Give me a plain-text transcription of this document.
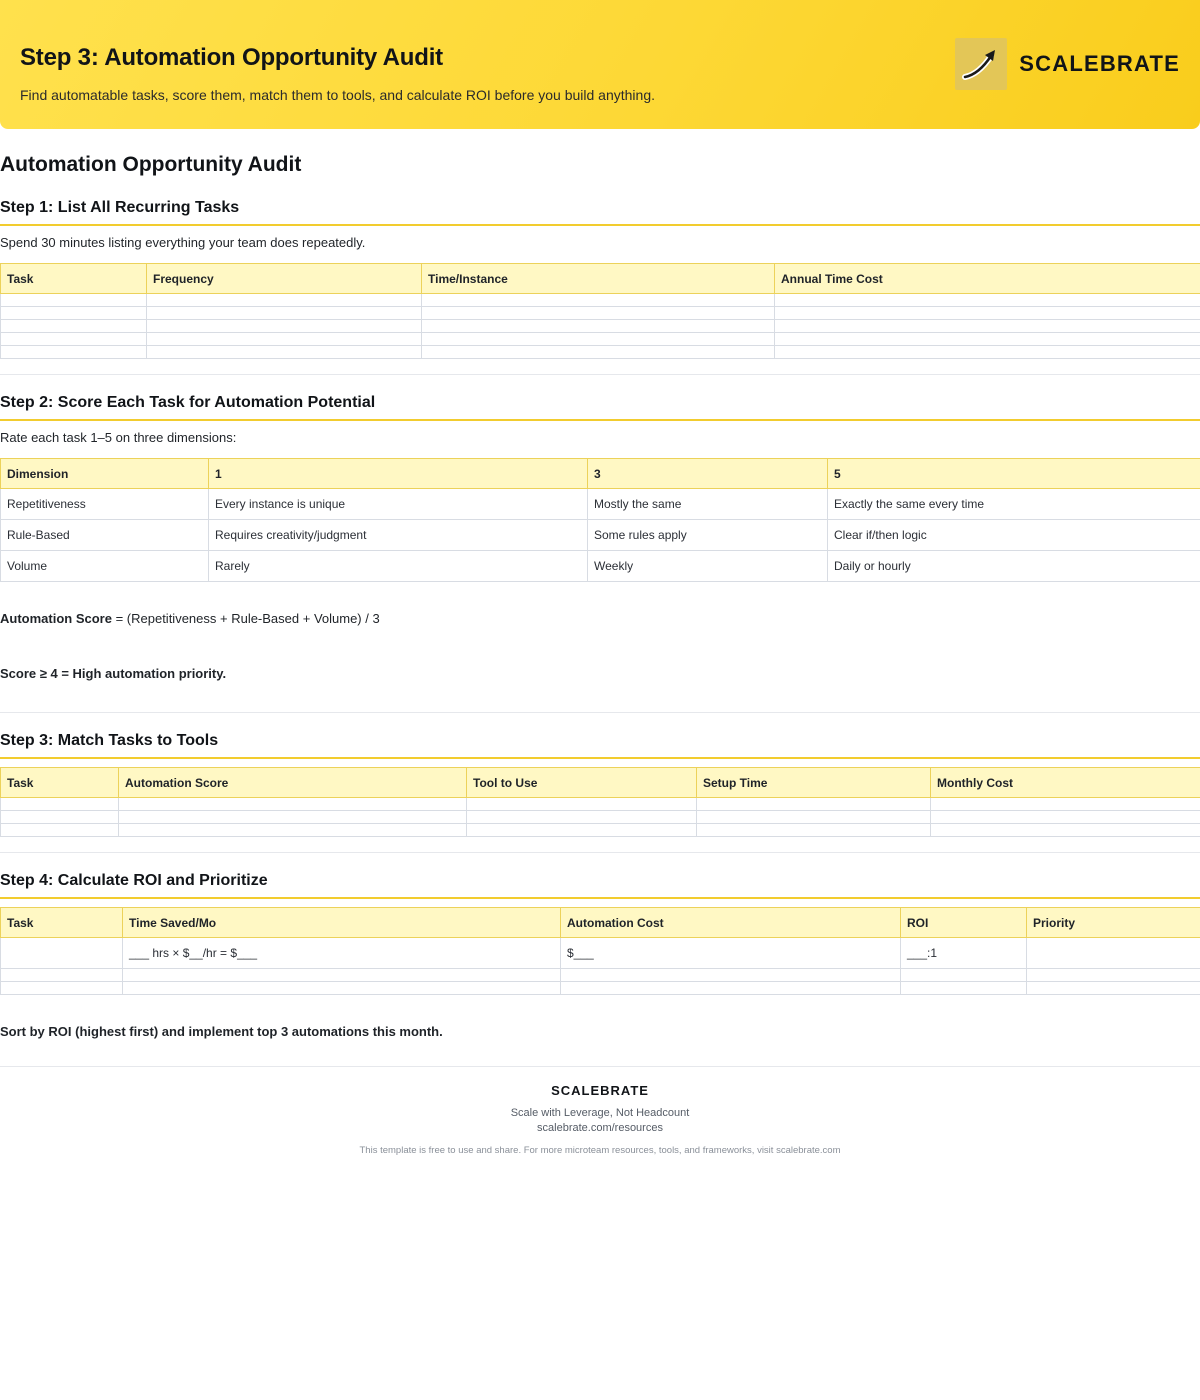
Step 3: Automation Opportunity Audit

Find automatable tasks, score them, match them to tools, and calculate ROI before you build anything.

SCALEBRATE
Automation Opportunity Audit
Step 1: List All Recurring Tasks

Spend 30 minutes listing everything your team does repeatedly.

Task	Frequency	Time/Instance	Annual Time Cost

Step 2: Score Each Task for Automation Potential

Rate each task 1–5 on three dimensions:

Dimension	1	3	5
Repetitiveness	Every instance is unique	Mostly the same	Exactly the same every time
Rule-Based	Requires creativity/judgment	Some rules apply	Clear if/then logic
Volume	Rarely	Weekly	Daily or hourly

Automation Score = (Repetitiveness + Rule-Based + Volume) / 3

Score ≥ 4 = High automation priority.

Step 3: Match Tasks to Tools
Task	Automation Score	Tool to Use	Setup Time	Monthly Cost

Step 4: Calculate ROI and Prioritize
Task	Time Saved/Mo	Automation Cost	ROI	Priority
	___ hrs × $__/hr = $___	$___	___:1	

Sort by ROI (highest first) and implement top 3 automations this month.

SCALEBRATE
Scale with Leverage, Not Headcount
scalebrate.com/resources
This template is free to use and share. For more microteam resources, tools, and frameworks, visit scalebrate.com
